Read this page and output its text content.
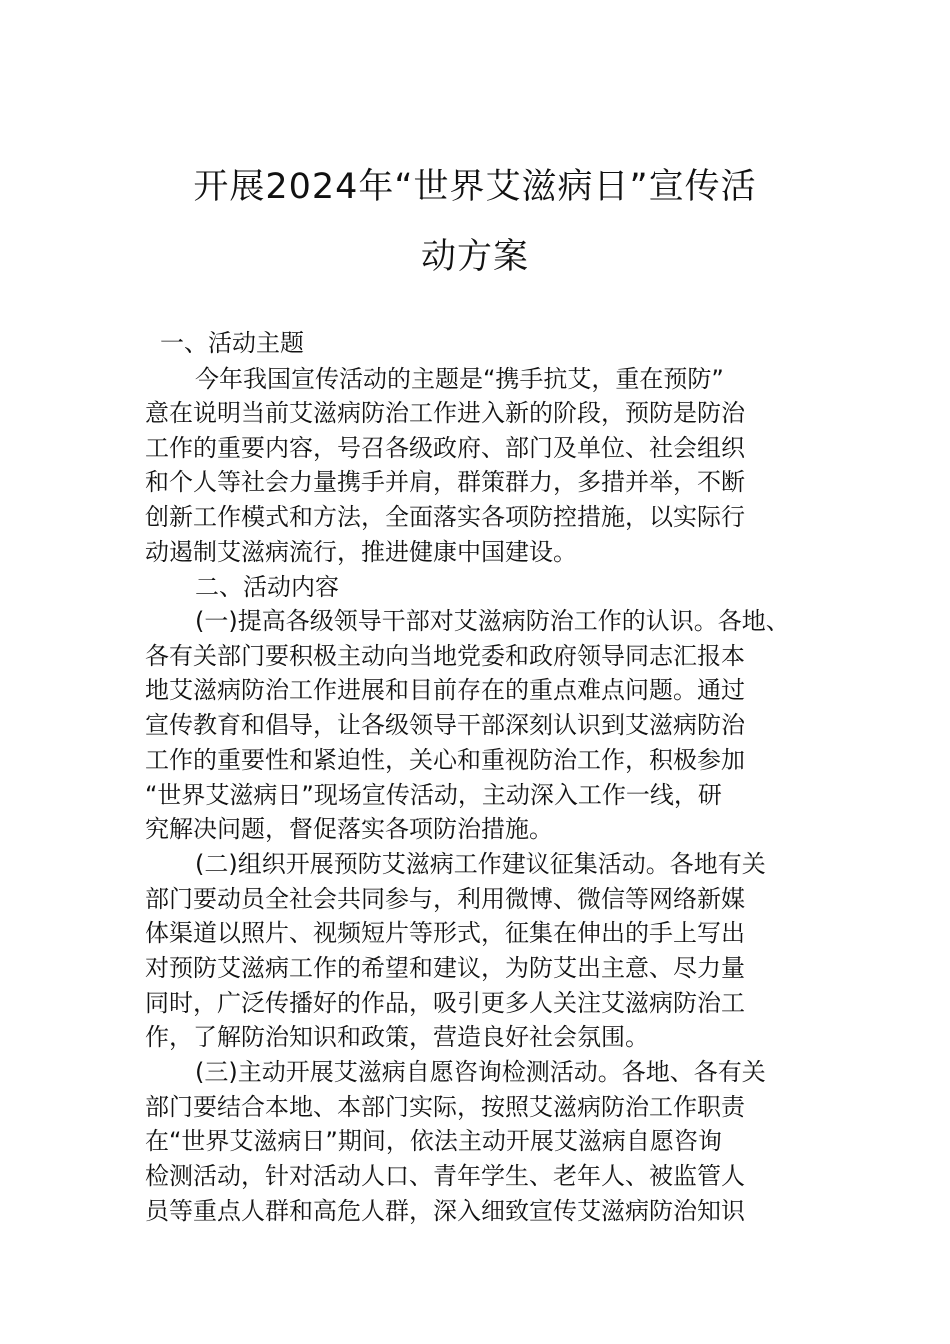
开展2024年“世界艾滋病日”宣传活
动方案

一、活动主题

今年我国宣传活动的主题是“携手抗艾，重在预防”

意在说明当前艾滋病防治工作进入新的阶段，预防是防治

工作的重要内容，号召各级政府、部门及单位、社会组织

和个人等社会力量携手并肩，群策群力，多措并举，不断

创新工作模式和方法，全面落实各项防控措施，以实际行

动遏制艾滋病流行，推进健康中国建设。

二、活动内容

(一)提高各级领导干部对艾滋病防治工作的认识。各地、

各有关部门要积极主动向当地党委和政府领导同志汇报本

地艾滋病防治工作进展和目前存在的重点难点问题。通过

宣传教育和倡导，让各级领导干部深刻认识到艾滋病防治

工作的重要性和紧迫性，关心和重视防治工作，积极参加

“世界艾滋病日”现场宣传活动，主动深入工作一线，研

究解决问题，督促落实各项防治措施。

(二)组织开展预防艾滋病工作建议征集活动。各地有关

部门要动员全社会共同参与，利用微博、微信等网络新媒

体渠道以照片、视频短片等形式，征集在伸出的手上写出

对预防艾滋病工作的希望和建议，为防艾出主意、尽力量

同时，广泛传播好的作品，吸引更多人关注艾滋病防治工

作，了解防治知识和政策，营造良好社会氛围。

(三)主动开展艾滋病自愿咨询检测活动。各地、各有关

部门要结合本地、本部门实际，按照艾滋病防治工作职责

在“世界艾滋病日”期间，依法主动开展艾滋病自愿咨询

检测活动，针对活动人口、青年学生、老年人、被监管人

员等重点人群和高危人群，深入细致宣传艾滋病防治知识
